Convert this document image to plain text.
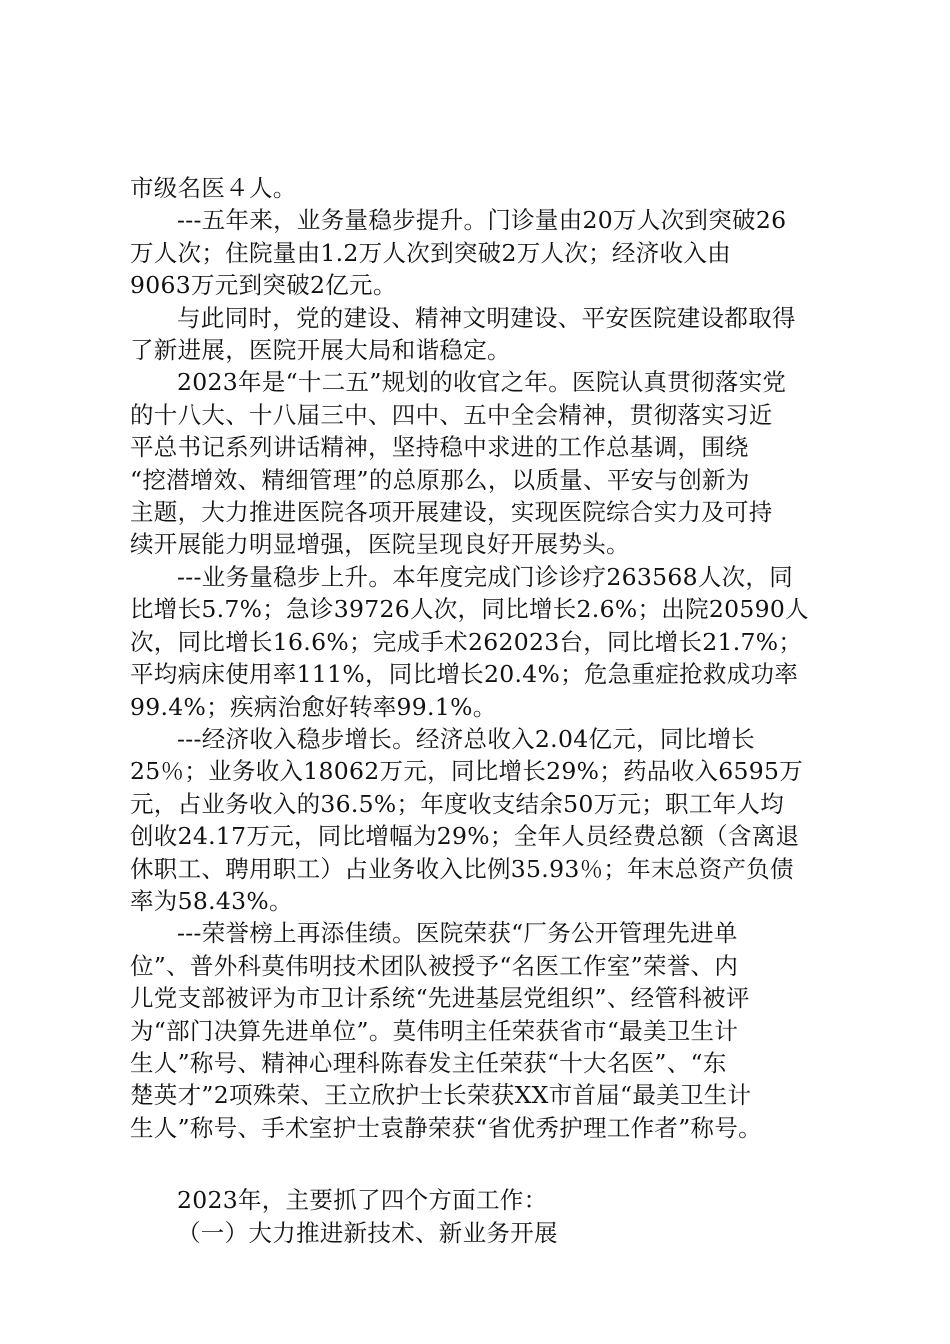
市级名医４人。

---五年来，业务量稳步提升。门诊量由20万人次到突破26
万人次；住院量由1.2万人次到突破2万人次；经济收入由
9063万元到突破2亿元。

与此同时，党的建设、精神文明建设、平安医院建设都取得
了新进展，医院开展大局和谐稳定。

2023年是“十二五”规划的收官之年。医院认真贯彻落实党
的十八大、十八届三中、四中、五中全会精神，贯彻落实习近
平总书记系列讲话精神，坚持稳中求进的工作总基调，围绕
“挖潜增效、精细管理”的总原那么，以质量、平安与创新为
主题，大力推进医院各项开展建设，实现医院综合实力及可持
续开展能力明显增强，医院呈现良好开展势头。

---业务量稳步上升。本年度完成门诊诊疗263568人次，同
比增长5.7%；急诊39726人次，同比增长2.6%；出院20590人
次，同比增长16.6%；完成手术262023台，同比增长21.7%；
平均病床使用率111%，同比增长20.4%；危急重症抢救成功率
99.4%；疾病治愈好转率99.1%。

---经济收入稳步增长。经济总收入2.04亿元，同比增长
25％；业务收入18062万元，同比增长29%；药品收入6595万
元，占业务收入的36.5%；年度收支结余50万元；职工年人均
创收24.17万元，同比增幅为29%；全年人员经费总额（含离退
休职工、聘用职工）占业务收入比例35.93％；年末总资产负债
率为58.43%。

---荣誉榜上再添佳绩。医院荣获“厂务公开管理先进单
位”、普外科莫伟明技术团队被授予“名医工作室”荣誉、内
儿党支部被评为市卫计系统“先进基层党组织”、经管科被评
为“部门决算先进单位”。莫伟明主任荣获省市“最美卫生计
生人”称号、精神心理科陈春发主任荣获“十大名医”、“东
楚英才”2项殊荣、王立欣护士长荣获XX市首届“最美卫生计
生人”称号、手术室护士袁静荣获“省优秀护理工作者”称号。

2023年，主要抓了四个方面工作：

（一）大力推进新技术、新业务开展
